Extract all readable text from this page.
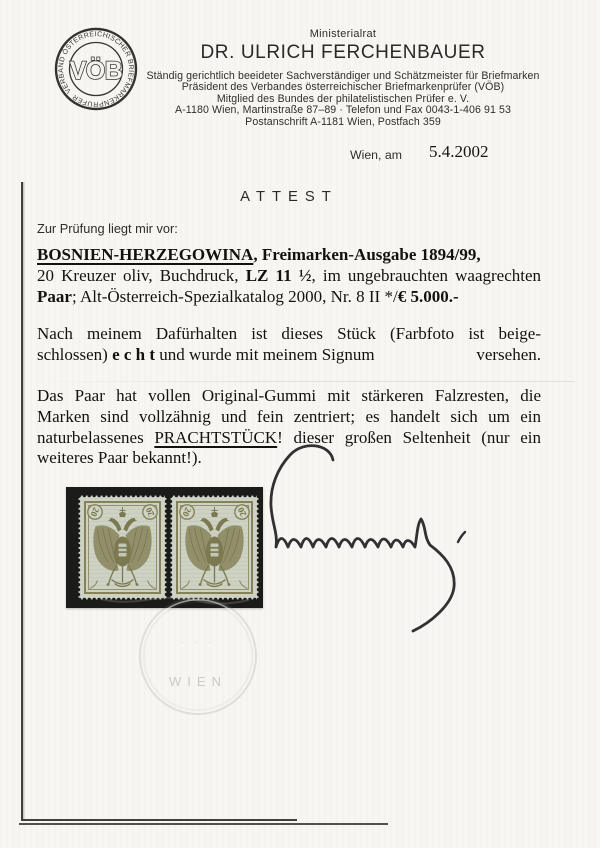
VERBAND ÖSTERREICHISCHER BRIEFMARKENPRÜFER
VÖB
Ministerialrat
DR. ULRICH FERCHENBAUER
Ständig gerichtlich beeideter Sachverständiger und Schätzmeister für Briefmarken
Präsident des Verbandes österreichischer Briefmarkenprüfer (VÖB)
Mitglied des Bundes der philatelistischen Prüfer e. V.
A-1180 Wien, Martinstraße 87–89 · Telefon und Fax 0043-1-406 91 53
Postanschrift A-1181 Wien, Postfach 359
Wien, am 5.4.2002
ATTEST
Zur Prüfung liegt mir vor:
BOSNIEN-HERZEGOWINA, Freimarken-Ausgabe 1894/99,
20 Kreuzer oliv, Buchdruck, LZ 11 ½, im ungebrauchten waagrechten
Paar; Alt-Österreich-Spezialkatalog 2000, Nr. 8 II */€ 5.000.-
Nach meinem Dafürhalten ist dieses Stück (Farbfoto ist beige-
schlossen) e c h t und wurde mit meinem Signum	versehen.
Das Paar hat vollen Original-Gummi mit stärkeren Falzresten, die
Marken sind vollzähnig und fein zentriert; es handelt sich um ein
naturbelassenes PRACHTSTÜCK! dieser großen Seltenheit (nur ein
weiteres Paar bekannt!).
· · ·
WIEN
